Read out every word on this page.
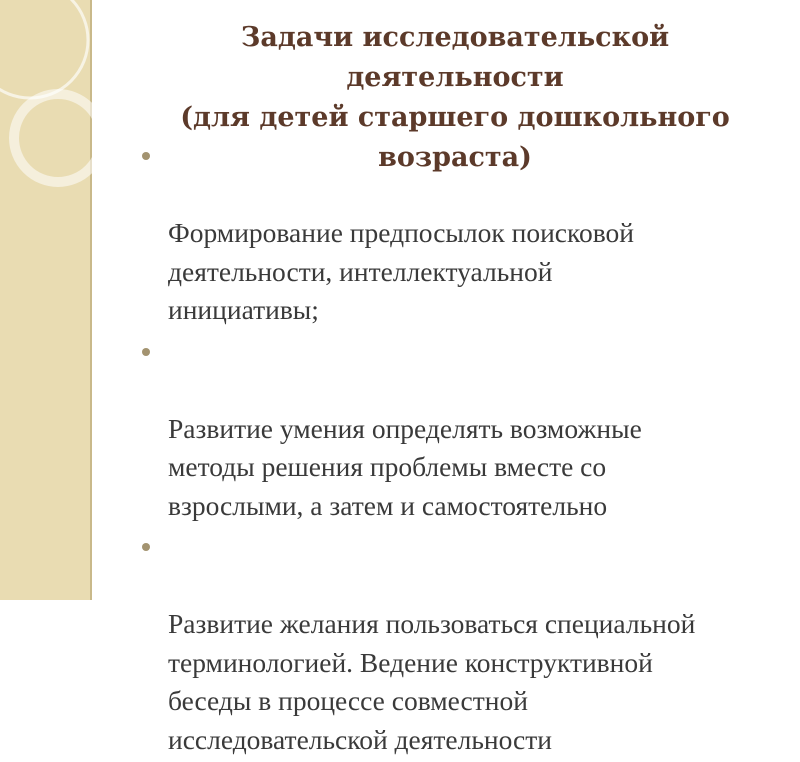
Задачи исследовательской деятельности
(для детей старшего дошкольного
возраста)

Формирование предпосылок поисковой
деятельности, интеллектуальной
инициативы;

Развитие умения определять возможные
методы решения проблемы вместе со
взрослыми, а затем и самостоятельно

Развитие желания пользоваться специальной
терминологией. Ведение конструктивной
беседы в процессе совместной
исследовательской деятельности
